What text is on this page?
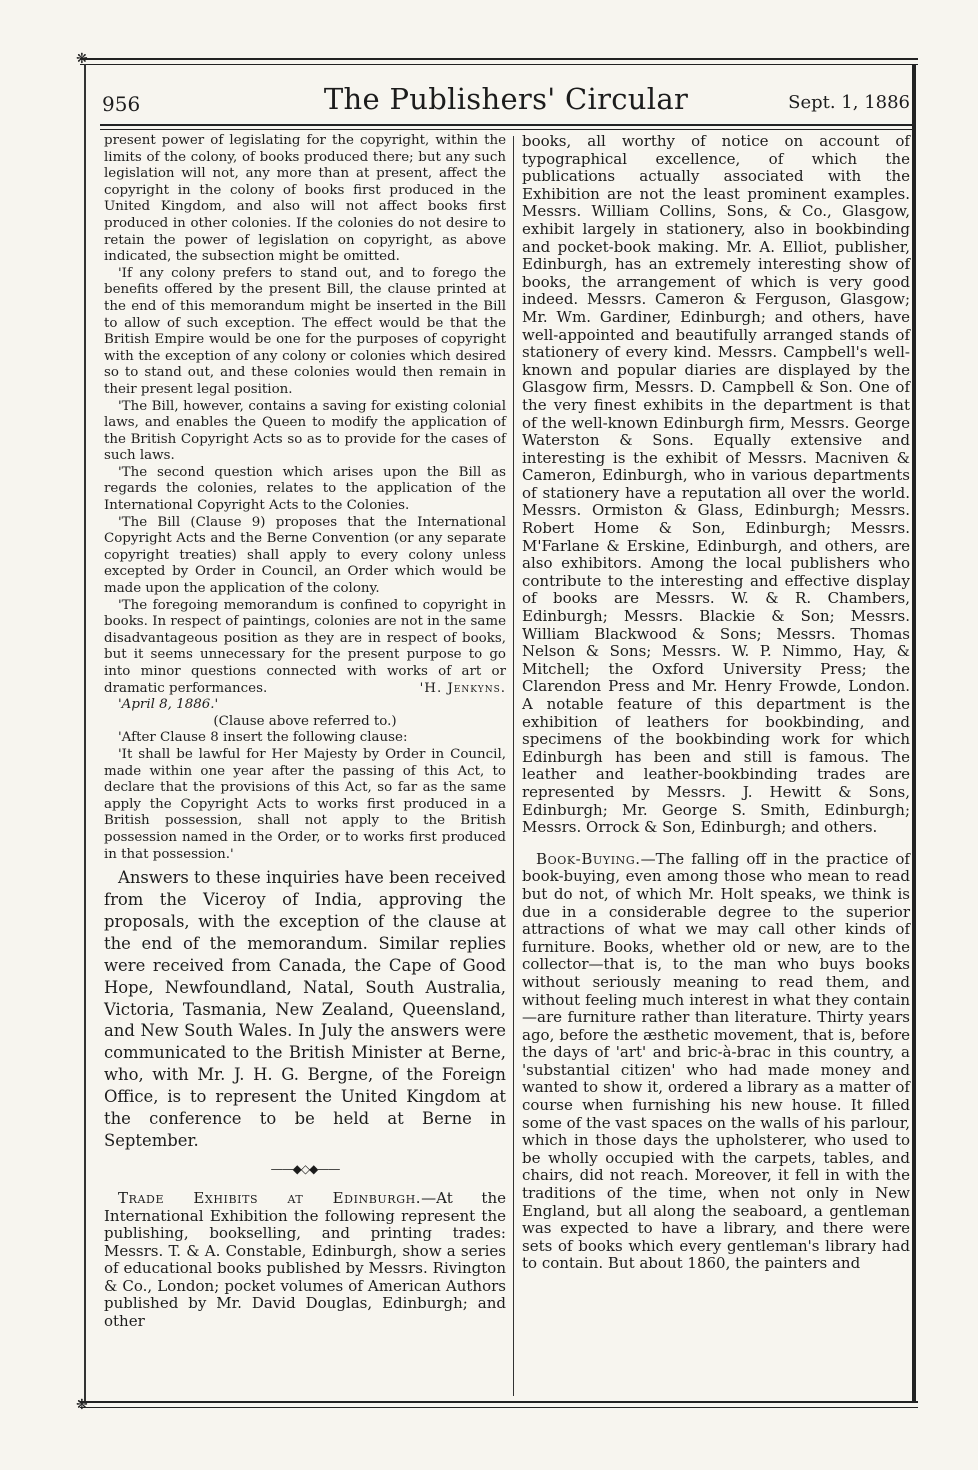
❋
❋
956	The Publishers' Circular	Sept. 1, 1886

present power of legislating for the copyright, within the limits of the colony, of books produced there; but any such legislation will not, any more than at present, affect the copyright in the colony of books first produced in the United Kingdom, and also will not affect books first produced in other colonies. If the colonies do not desire to retain the power of legislation on copyright, as above indicated, the subsection might be omitted.

'If any colony prefers to stand out, and to forego the benefits offered by the present Bill, the clause printed at the end of this memorandum might be inserted in the Bill to allow of such exception. The effect would be that the British Empire would be one for the purposes of copyright with the exception of any colony or colonies which desired so to stand out, and these colonies would then remain in their present legal position.

'The Bill, however, contains a saving for existing colonial laws, and enables the Queen to modify the application of the British Copyright Acts so as to provide for the cases of such laws.

'The second question which arises upon the Bill as regards the colonies, relates to the application of the International Copyright Acts to the Colonies.

'The Bill (Clause 9) proposes that the International Copyright Acts and the Berne Convention (or any separate copyright treaties) shall apply to every colony unless excepted by Order in Council, an Order which would be made upon the application of the colony.

'The foregoing memorandum is confined to copyright in books. In respect of paintings, colonies are not in the same disadvantageous position as they are in respect of books, but it seems unnecessary for the present purpose to go into minor questions connected with works of art or dramatic performances.	'H. Jenkyns.

'April 8, 1886.'

(Clause above referred to.)

'After Clause 8 insert the following clause:

'It shall be lawful for Her Majesty by Order in Council, made within one year after the passing of this Act, to declare that the provisions of this Act, so far as the same apply the Copyright Acts to works first produced in a British possession, shall not apply to the British possession named in the Order, or to works first produced in that possession.'

Answers to these inquiries have been received from the Viceroy of India, approving the proposals, with the exception of the clause at the end of the memorandum. Similar replies were received from Canada, the Cape of Good Hope, Newfoundland, Natal, South Australia, Victoria, Tasmania, New Zealand, Queensland, and New South Wales. In July the answers were communicated to the British Minister at Berne, who, with Mr. J. H. G. Bergne, of the Foreign Office, is to represent the United Kingdom at the conference to be held at Berne in September.

——◆◇◆——

Trade Exhibits at Edinburgh.—At the International Exhibition the following represent the publishing, bookselling, and printing trades: Messrs. T. & A. Constable, Edinburgh, show a series of educational books published by Messrs. Rivington & Co., London; pocket volumes of American Authors published by Mr. David Douglas, Edinburgh; and other

books, all worthy of notice on account of typographical excellence, of which the publications actually associated with the Exhibition are not the least prominent examples. Messrs. William Collins, Sons, & Co., Glasgow, exhibit largely in stationery, also in bookbinding and pocket-book making. Mr. A. Elliot, publisher, Edinburgh, has an extremely interesting show of books, the arrangement of which is very good indeed. Messrs. Cameron & Ferguson, Glasgow; Mr. Wm. Gardiner, Edinburgh; and others, have well-appointed and beautifully arranged stands of stationery of every kind. Messrs. Campbell's well-known and popular diaries are displayed by the Glasgow firm, Messrs. D. Campbell & Son. One of the very finest exhibits in the department is that of the well-known Edinburgh firm, Messrs. George Waterston & Sons. Equally extensive and interesting is the exhibit of Messrs. Macniven & Cameron, Edinburgh, who in various departments of stationery have a reputation all over the world. Messrs. Ormiston & Glass, Edinburgh; Messrs. Robert Home & Son, Edinburgh; Messrs. M'Farlane & Erskine, Edinburgh, and others, are also exhibitors. Among the local publishers who contribute to the interesting and effective display of books are Messrs. W. & R. Chambers, Edinburgh; Messrs. Blackie & Son; Messrs. William Blackwood & Sons; Messrs. Thomas Nelson & Sons; Messrs. W. P. Nimmo, Hay, & Mitchell; the Oxford University Press; the Clarendon Press and Mr. Henry Frowde, London. A notable feature of this department is the exhibition of leathers for bookbinding, and specimens of the bookbinding work for which Edinburgh has been and still is famous. The leather and leather-bookbinding trades are represented by Messrs. J. Hewitt & Sons, Edinburgh; Mr. George S. Smith, Edinburgh; Messrs. Orrock & Son, Edinburgh; and others.

Book-Buying.—The falling off in the practice of book-buying, even among those who mean to read but do not, of which Mr. Holt speaks, we think is due in a considerable degree to the superior attractions of what we may call other kinds of furniture. Books, whether old or new, are to the collector—that is, to the man who buys books without seriously meaning to read them, and without feeling much interest in what they contain—are furniture rather than literature. Thirty years ago, before the æsthetic movement, that is, before the days of 'art' and bric-à-brac in this country, a 'substantial citizen' who had made money and wanted to show it, ordered a library as a matter of course when furnishing his new house. It filled some of the vast spaces on the walls of his parlour, which in those days the upholsterer, who used to be wholly occupied with the carpets, tables, and chairs, did not reach. Moreover, it fell in with the traditions of the time, when not only in New England, but all along the seaboard, a gentleman was expected to have a library, and there were sets of books which every gentleman's library had to contain. But about 1860, the painters and
